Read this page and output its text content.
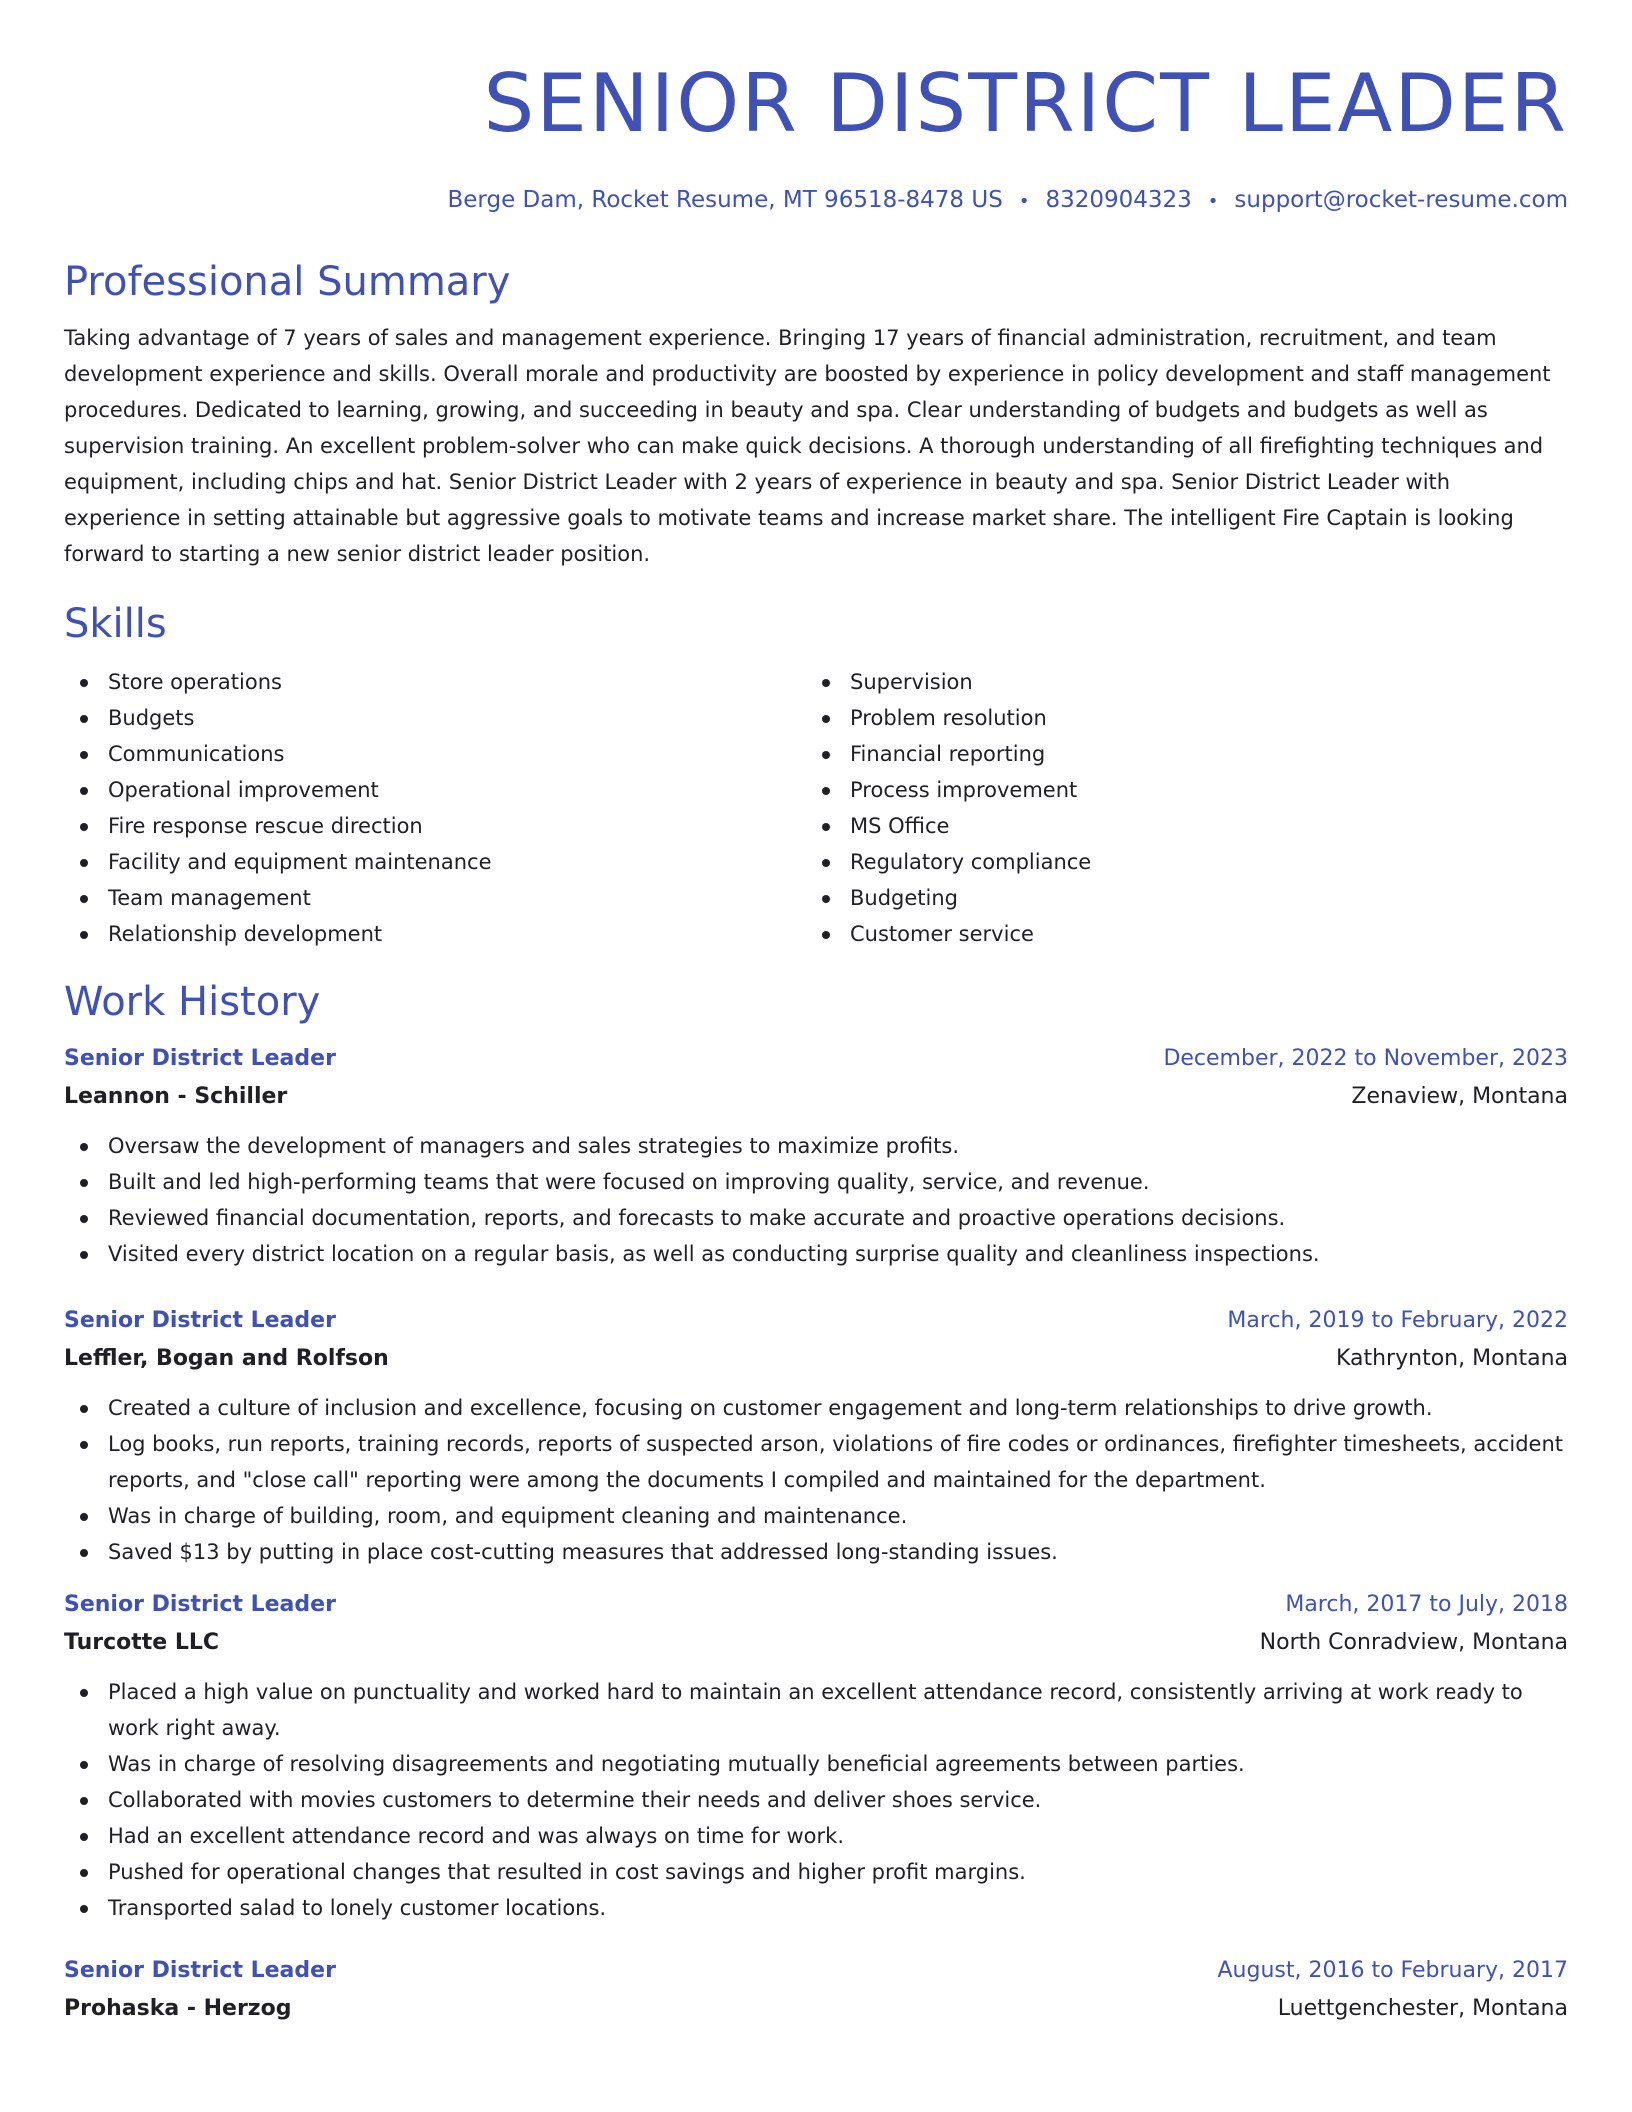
SENIOR DISTRICT LEADER
Berge Dam, Rocket Resume, MT 96518-8478 US • 8320904323 • support@rocket-resume.com
Professional Summary
Taking advantage of 7 years of sales and management experience. Bringing 17 years of financial administration, recruitment, and team development experience and skills. Overall morale and productivity are boosted by experience in policy development and staff management procedures. Dedicated to learning, growing, and succeeding in beauty and spa. Clear understanding of budgets and budgets as well as supervision training. An excellent problem-solver who can make quick decisions. A thorough understanding of all firefighting techniques and equipment, including chips and hat. Senior District Leader with 2 years of experience in beauty and spa. Senior District Leader with experience in setting attainable but aggressive goals to motivate teams and increase market share. The intelligent Fire Captain is looking forward to starting a new senior district leader position.
Skills
Store operations
Budgets
Communications
Operational improvement
Fire response rescue direction
Facility and equipment maintenance
Team management
Relationship development
Supervision
Problem resolution
Financial reporting
Process improvement
MS Office
Regulatory compliance
Budgeting
Customer service
Work History
Senior District Leader	December, 2022 to November, 2023
Leannon - Schiller	Zenaview, Montana
Oversaw the development of managers and sales strategies to maximize profits.
Built and led high-performing teams that were focused on improving quality, service, and revenue.
Reviewed financial documentation, reports, and forecasts to make accurate and proactive operations decisions.
Visited every district location on a regular basis, as well as conducting surprise quality and cleanliness inspections.
Senior District Leader	March, 2019 to February, 2022
Leffler, Bogan and Rolfson	Kathrynton, Montana
Created a culture of inclusion and excellence, focusing on customer engagement and long-term relationships to drive growth.
Log books, run reports, training records, reports of suspected arson, violations of fire codes or ordinances, firefighter timesheets, accident reports, and "close call" reporting were among the documents I compiled and maintained for the department.
Was in charge of building, room, and equipment cleaning and maintenance.
Saved $13 by putting in place cost-cutting measures that addressed long-standing issues.
Senior District Leader	March, 2017 to July, 2018
Turcotte LLC	North Conradview, Montana
Placed a high value on punctuality and worked hard to maintain an excellent attendance record, consistently arriving at work ready to work right away.
Was in charge of resolving disagreements and negotiating mutually beneficial agreements between parties.
Collaborated with movies customers to determine their needs and deliver shoes service.
Had an excellent attendance record and was always on time for work.
Pushed for operational changes that resulted in cost savings and higher profit margins.
Transported salad to lonely customer locations.
Senior District Leader	August, 2016 to February, 2017
Prohaska - Herzog	Luettgenchester, Montana
